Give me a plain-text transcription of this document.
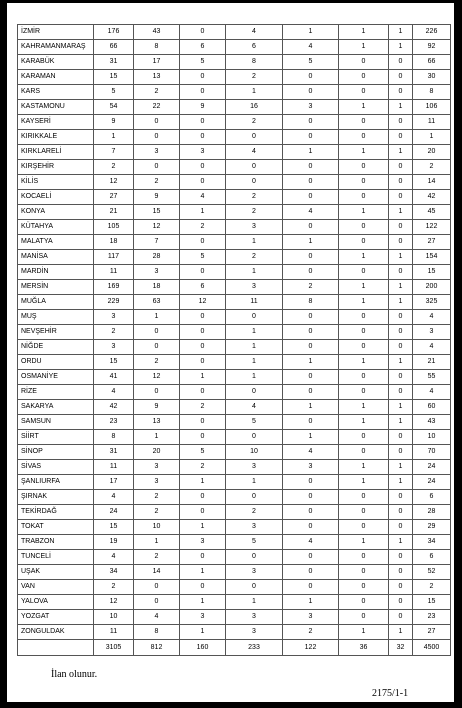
İZMİR	176	43	0	4	1	1	1	226
KAHRAMANMARAŞ	66	8	6	6	4	1	1	92
KARABÜK	31	17	5	8	5	0	0	66
KARAMAN	15	13	0	2	0	0	0	30
KARS	5	2	0	1	0	0	0	8
KASTAMONU	54	22	9	16	3	1	1	106
KAYSERİ	9	0	0	2	0	0	0	11
KIRIKKALE	1	0	0	0	0	0	0	1
KIRKLARELİ	7	3	3	4	1	1	1	20
KIRŞEHİR	2	0	0	0	0	0	0	2
KİLİS	12	2	0	0	0	0	0	14
KOCAELİ	27	9	4	2	0	0	0	42
KONYA	21	15	1	2	4	1	1	45
KÜTAHYA	105	12	2	3	0	0	0	122
MALATYA	18	7	0	1	1	0	0	27
MANİSA	117	28	5	2	0	1	1	154
MARDİN	11	3	0	1	0	0	0	15
MERSİN	169	18	6	3	2	1	1	200
MUĞLA	229	63	12	11	8	1	1	325
MUŞ	3	1	0	0	0	0	0	4
NEVŞEHİR	2	0	0	1	0	0	0	3
NİĞDE	3	0	0	1	0	0	0	4
ORDU	15	2	0	1	1	1	1	21
OSMANİYE	41	12	1	1	0	0	0	55
RİZE	4	0	0	0	0	0	0	4
SAKARYA	42	9	2	4	1	1	1	60
SAMSUN	23	13	0	5	0	1	1	43
SİİRT	8	1	0	0	1	0	0	10
SİNOP	31	20	5	10	4	0	0	70
SİVAS	11	3	2	3	3	1	1	24
ŞANLIURFA	17	3	1	1	0	1	1	24
ŞIRNAK	4	2	0	0	0	0	0	6
TEKİRDAĞ	24	2	0	2	0	0	0	28
TOKAT	15	10	1	3	0	0	0	29
TRABZON	19	1	3	5	4	1	1	34
TUNCELİ	4	2	0	0	0	0	0	6
UŞAK	34	14	1	3	0	0	0	52
VAN	2	0	0	0	0	0	0	2
YALOVA	12	0	1	1	1	0	0	15
YOZGAT	10	4	3	3	3	0	0	23
ZONGULDAK	11	8	1	3	2	1	1	27
	3105	812	160	233	122	36	32	4500
İlan olunur.
2175/1-1
